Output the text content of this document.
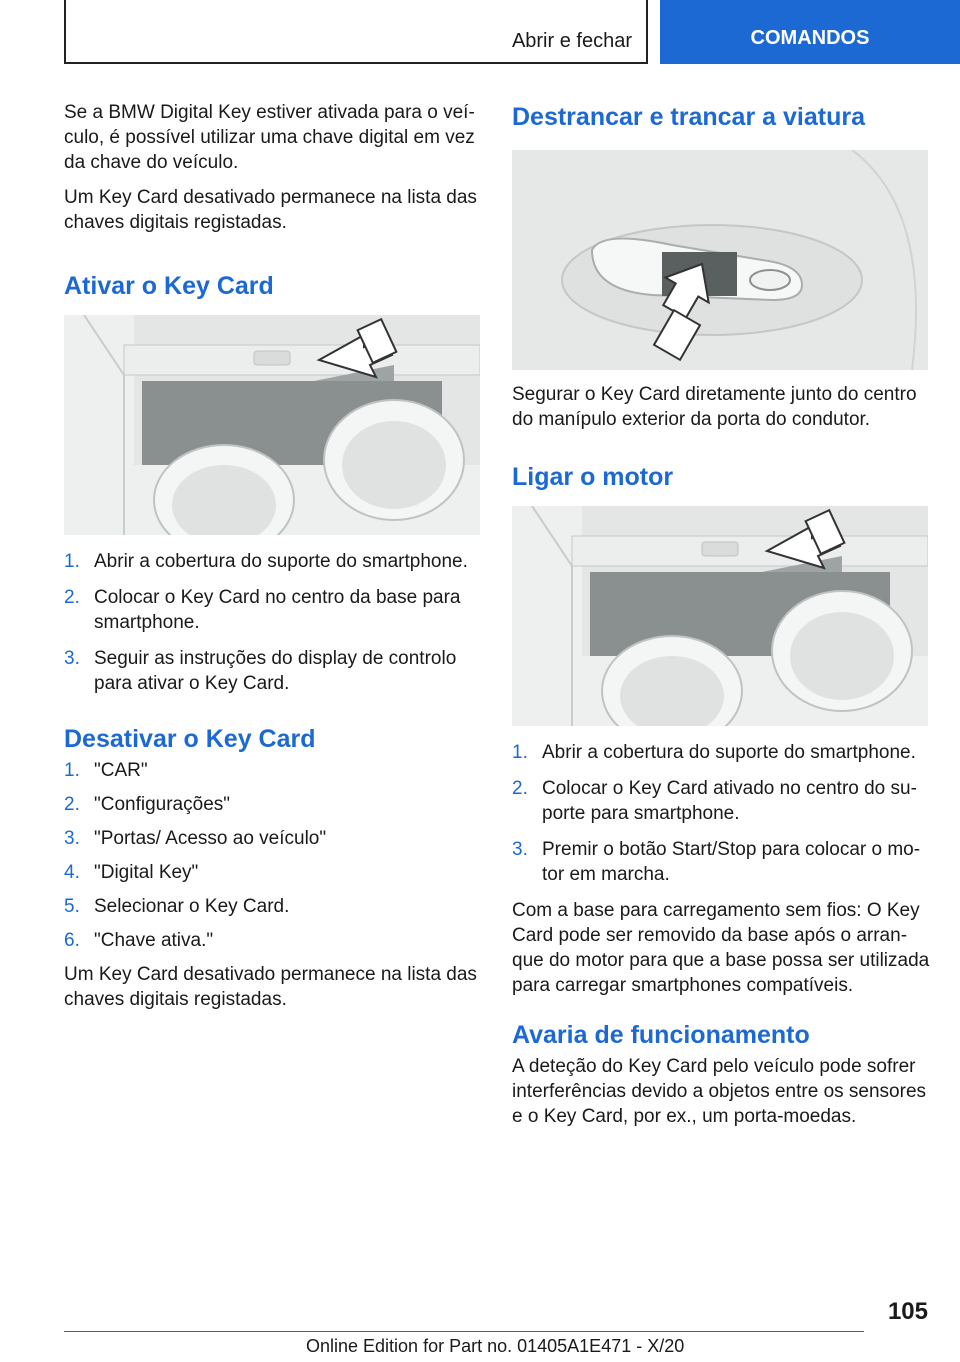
Abrir e fechar	COMANDOS

Se a BMW Digital Key estiver ativada para o veículo, é possível utilizar uma chave digital em vez da chave do veículo.

Um Key Card desativado permanece na lista das chaves digitais registadas.

Ativar o Key Card
1. Abrir a cobertura do suporte do smartphone.
2. Colocar o Key Card no centro da base para smartphone.
3. Seguir as instruções do display de controlo para ativar o Key Card.
Desativar o Key Card
1. "CAR"
2. "Configurações"
3. "Portas/ Acesso ao veículo"
4. "Digital Key"
5. Selecionar o Key Card.
6. "Chave ativa."

Um Key Card desativado permanece na lista das chaves digitais registadas.

Destrancar e trancar a viatura

Segurar o Key Card diretamente junto do centro do manípulo exterior da porta do condutor.

Ligar o motor
1. Abrir a cobertura do suporte do smartphone.
2. Colocar o Key Card ativado no centro do suporte para smartphone.
3. Premir o botão Start/Stop para colocar o motor em marcha.

Com a base para carregamento sem fios: O Key Card pode ser removido da base após o arranque do motor para que a base possa ser utilizada para carregar smartphones compatíveis.

Avaria de funcionamento

A deteção do Key Card pelo veículo pode sofrer interferências devido a objetos entre os sensores e o Key Card, por ex., um porta-moedas.

105
Online Edition for Part no. 01405A1E471 - X/20
